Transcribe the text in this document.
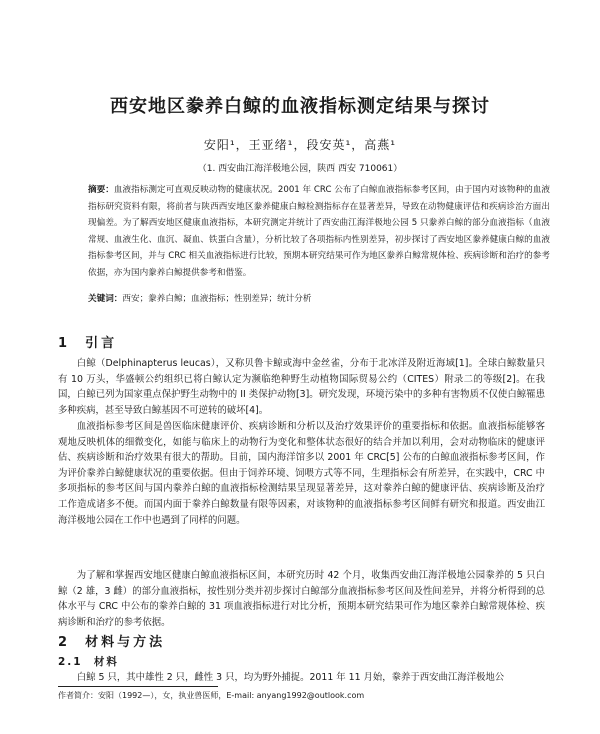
西安地区豢养白鲸的血液指标测定结果与探讨
安阳¹，王亚绪¹，段安英¹，高燕¹
（1. 西安曲江海洋极地公园，陕西 西安 710061）
摘要：血液指标测定可直观反映动物的健康状况。2001 年 CRC 公布了白鲸血液指标参考区间，由于国内对该物种的血液指标研究资料有限，将前者与陕西西安地区豢养健康白鲸检测指标存在显著差异，导致在动物健康评估和疾病诊治方面出现偏差。为了解西安地区健康血液指标，本研究测定并统计了西安曲江海洋极地公园 5 只豢养白鲸的部分血液指标（血液常规、血液生化、血沉、凝血、铁蛋白含量），分析比较了各项指标内性别差异，初步探讨了西安地区豢养健康白鲸的血液指标参考区间，并与 CRC 相关血液指标进行比较，预期本研究结果可作为地区豢养白鲸常规体检、疾病诊断和治疗的参考依据，亦为国内豢养白鲸提供参考和借鉴。
关键词：西安；豢养白鲸；血液指标；性别差异；统计分析
1 引言
白鲸（Delphinapterus leucas），又称贝鲁卡鲸或海中金丝雀，分布于北冰洋及附近海域[1]。全球白鲸数量只有 10 万头，华盛顿公约组织已将白鲸认定为濒临绝种野生动植物国际贸易公约（CITES）附录二的等级[2]。在我国，白鲸已列为国家重点保护野生动物中的 II 类保护动物[3]。研究发现，环境污染中的多种有害物质不仅使白鲸罹患多种疾病，甚至导致白鲸基因不可逆转的破坏[4]。
血液指标参考区间是兽医临床健康评价、疾病诊断和分析以及治疗效果评价的重要指标和依据。血液指标能够客观地反映机体的细微变化，如能与临床上的动物行为变化和整体状态很好的结合并加以利用，会对动物临床的健康评估、疾病诊断和治疗效果有很大的帮助。目前，国内海洋馆多以 2001 年 CRC[5] 公布的白鲸血液指标参考区间，作为评价豢养白鲸健康状况的重要依据。但由于饲养环境、饲喂方式等不同，生理指标会有所差异，在实践中，CRC 中多项指标的参考区间与国内豢养白鲸的血液指标检测结果呈现显著差异，这对豢养白鲸的健康评估、疾病诊断及治疗工作造成诸多不便。而国内面于豢养白鲸数量有限等因素，对该物种的血液指标参考区间鲜有研究和报道。西安曲江海洋极地公园在工作中也遇到了同样的问题。
为了解和掌握西安地区健康白鲸血液指标区间，本研究历时 42 个月，收集西安曲江海洋极地公园豢养的 5 只白鲸（2 雄，3 雌）的部分血液指标，按性别分类并初步探讨白鲸部分血液指标参考区间及性间差异，并将分析得到的总体水平与 CRC 中公布的豢养白鲸的 31 项血液指标进行对比分析，预期本研究结果可作为地区豢养白鲸常规体检、疾病诊断和治疗的参考依据。
2 材料与方法
2.1 材料
白鲸 5 只，其中雄性 2 只，雌性 3 只，均为野外捕捉。2011 年 11 月始，豢养于西安曲江海洋极地公
作者简介：安阳（1992—），女，执业兽医师，E-mail: anyang1992@outlook.com
